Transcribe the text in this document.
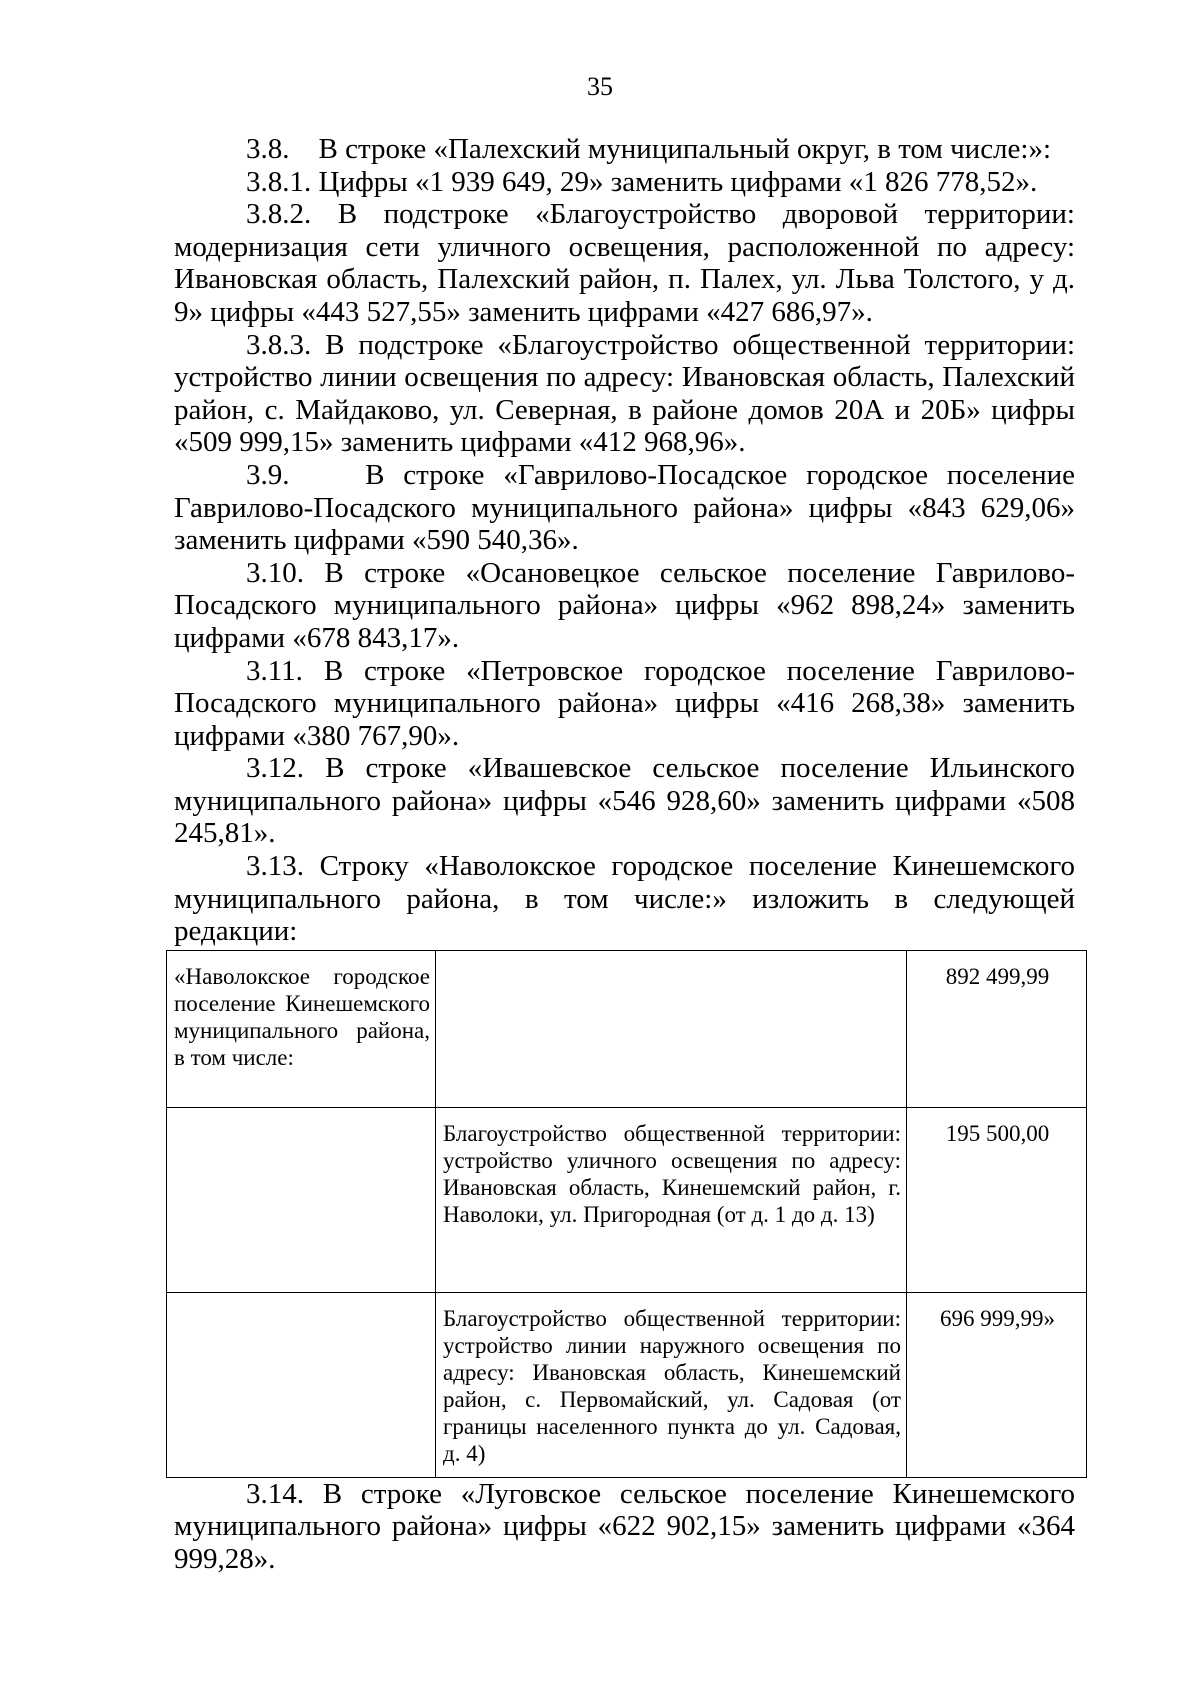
35

3.8.    В строке «Палехский муниципальный округ, в том числе:»:

3.8.1. Цифры «1 939 649, 29» заменить цифрами «1 826 778,52».

3.8.2. В подстроке «Благоустройство дворовой территории: модернизация сети уличного освещения, расположенной по адресу: Ивановская область, Палехский район, п. Палех, ул. Льва Толстого, у д. 9» цифры «443 527,55» заменить цифрами «427 686,97».

3.8.3. В подстроке «Благоустройство общественной территории: устройство линии освещения по адресу: Ивановская область, Палехский район, с. Майдаково, ул. Северная, в районе домов 20А и 20Б» цифры «509 999,15» заменить цифрами «412 968,96».

3.9.    В строке «Гаврилово-Посадское городское поселение Гаврилово-Посадского муниципального района» цифры «843 629,06» заменить цифрами «590 540,36».

3.10. В строке «Осановецкое сельское поселение Гаврилово-Посадского муниципального района» цифры «962 898,24» заменить цифрами «678 843,17».

3.11. В строке «Петровское городское поселение Гаврилово-Посадского муниципального района» цифры «416 268,38» заменить цифрами «380 767,90».

3.12. В строке «Ивашевское сельское поселение Ильинского муниципального района» цифры «546 928,60» заменить цифрами «508 245,81».

3.13. Строку «Наволокское городское поселение Кинешемского муниципального района, в том числе:» изложить в следующей редакции:

«Наволокское городское поселение Кинешемского муниципального района, в том числе:		892 499,99
	Благоустройство общественной территории: устройство уличного освещения по адресу: Ивановская область, Кинешемский район, г. Наволоки, ул. Пригородная (от д. 1 до д. 13)	195 500,00
	Благоустройство общественной территории: устройство линии наружного освещения по адресу: Ивановская область, Кинешемский район, с. Первомайский, ул. Садовая (от границы населенного пункта до ул. Садовая, д. 4)	696 999,99»

3.14. В строке «Луговское сельское поселение Кинешемского муниципального района» цифры «622 902,15» заменить цифрами «364 999,28».
